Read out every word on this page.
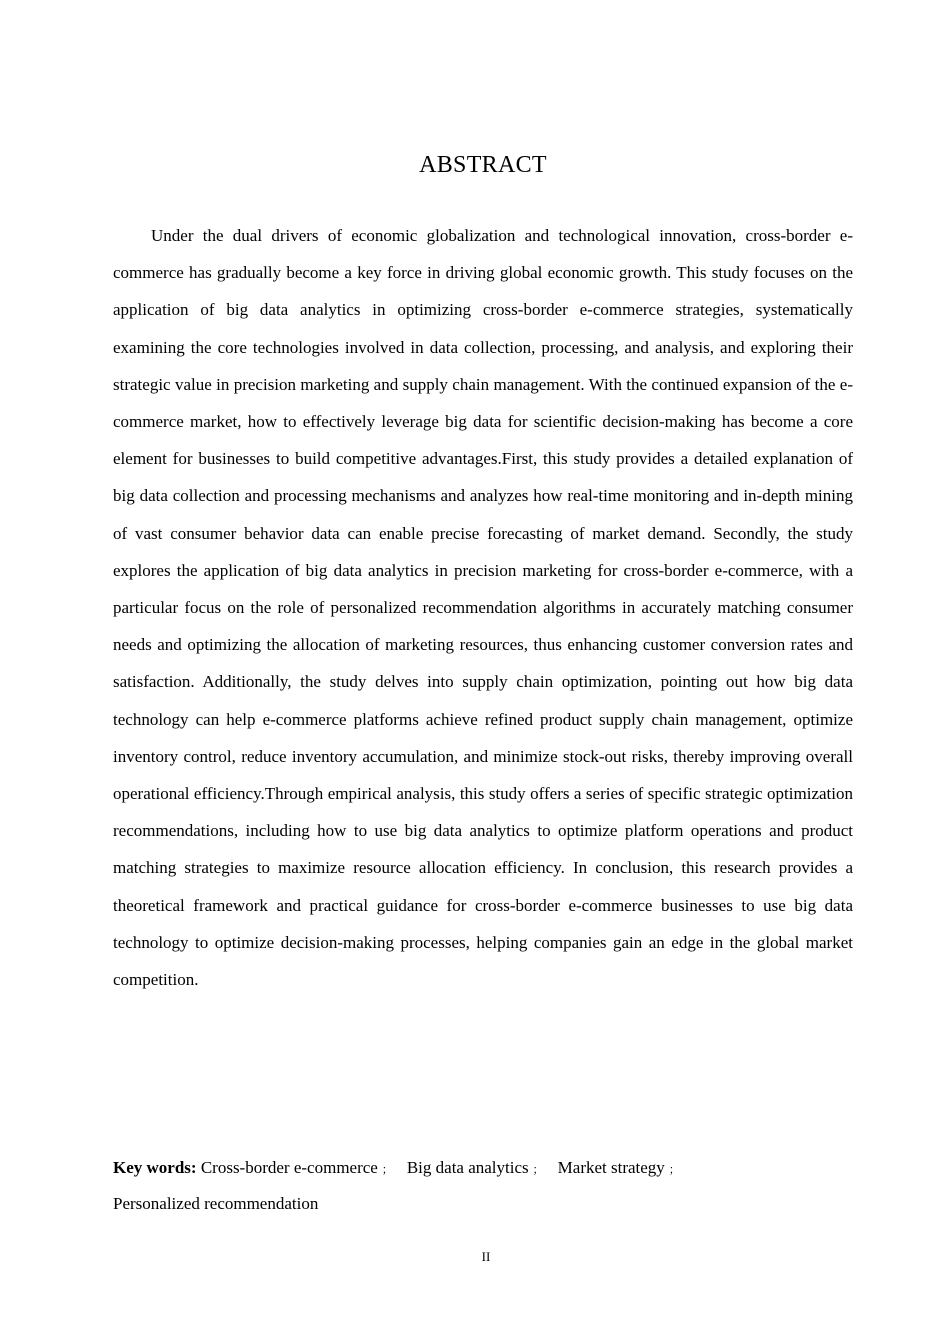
ABSTRACT

Under the dual drivers of economic globalization and technological innovation, cross-border e-commerce has gradually become a key force in driving global economic growth. This study focuses on the application of big data analytics in optimizing cross-border e-commerce strategies, systematically examining the core technologies involved in data collection, processing, and analysis, and exploring their strategic value in precision marketing and supply chain management. With the continued expansion of the e-commerce market, how to effectively leverage big data for scientific decision-making has become a core element for businesses to build competitive advantages.First, this study provides a detailed explanation of big data collection and processing mechanisms and analyzes how real-time monitoring and in-depth mining of vast consumer behavior data can enable precise forecasting of market demand. Secondly, the study explores the application of big data analytics in precision marketing for cross-border e-commerce, with a particular focus on the role of personalized recommendation algorithms in accurately matching consumer needs and optimizing the allocation of marketing resources, thus enhancing customer conversion rates and satisfaction. Additionally, the study delves into supply chain optimization, pointing out how big data technology can help e-commerce platforms achieve refined product supply chain management, optimize inventory control, reduce inventory accumulation, and minimize stock-out risks, thereby improving overall operational efficiency.Through empirical analysis, this study offers a series of specific strategic optimization recommendations, including how to use big data analytics to optimize platform operations and product matching strategies to maximize resource allocation efficiency. In conclusion, this research provides a theoretical framework and practical guidance for cross-border e-commerce businesses to use big data technology to optimize decision-making processes, helping companies gain an edge in the global market competition.

Key words: Cross-border e-commerce ； Big data analytics ； Market strategy ；
Personalized recommendation

II
